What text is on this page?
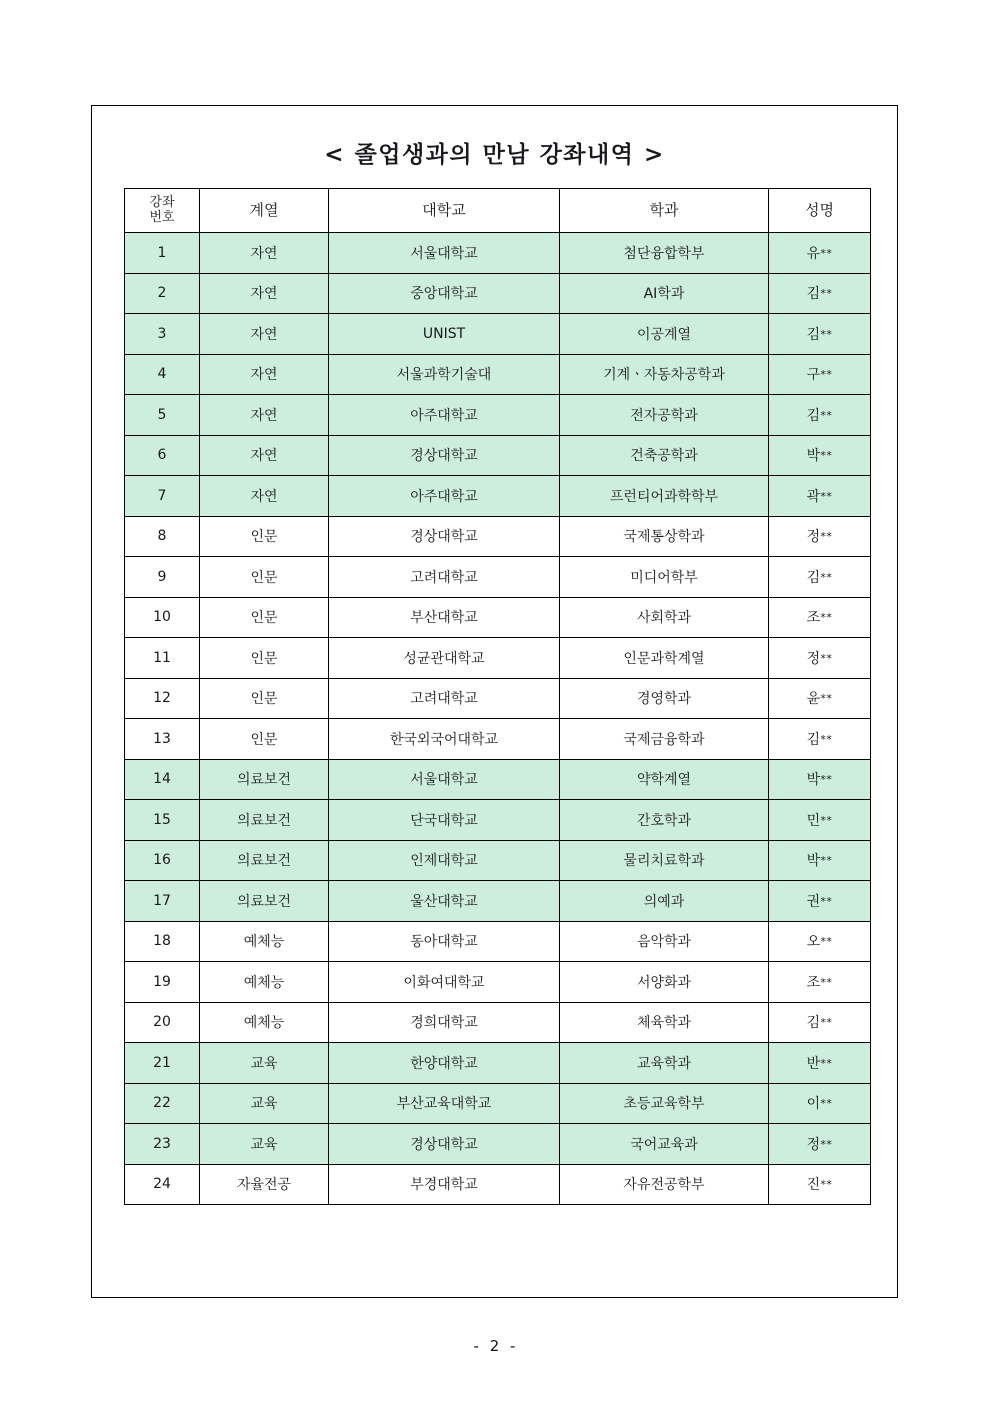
< 졸업생과의 만남 강좌내역 >
강좌
번호	계열	대학교	학과	성명
1	자연	서울대학교	첨단융합학부	유**
2	자연	중앙대학교	AI학과	김**
3	자연	UNIST	이공계열	김**
4	자연	서울과학기술대	기계ㆍ자동차공학과	구**
5	자연	아주대학교	전자공학과	김**
6	자연	경상대학교	건축공학과	박**
7	자연	아주대학교	프런티어과학학부	곽**
8	인문	경상대학교	국제통상학과	정**
9	인문	고려대학교	미디어학부	김**
10	인문	부산대학교	사회학과	조**
11	인문	성균관대학교	인문과학계열	정**
12	인문	고려대학교	경영학과	윤**
13	인문	한국외국어대학교	국제금융학과	김**
14	의료보건	서울대학교	약학계열	박**
15	의료보건	단국대학교	간호학과	민**
16	의료보건	인제대학교	물리치료학과	박**
17	의료보건	울산대학교	의예과	권**
18	예체능	동아대학교	음악학과	오**
19	예체능	이화여대학교	서양화과	조**
20	예체능	경희대학교	체육학과	김**
21	교육	한양대학교	교육학과	반**
22	교육	부산교육대학교	초등교육학부	이**
23	교육	경상대학교	국어교육과	정**
24	자율전공	부경대학교	자유전공학부	진**
- 2 -
